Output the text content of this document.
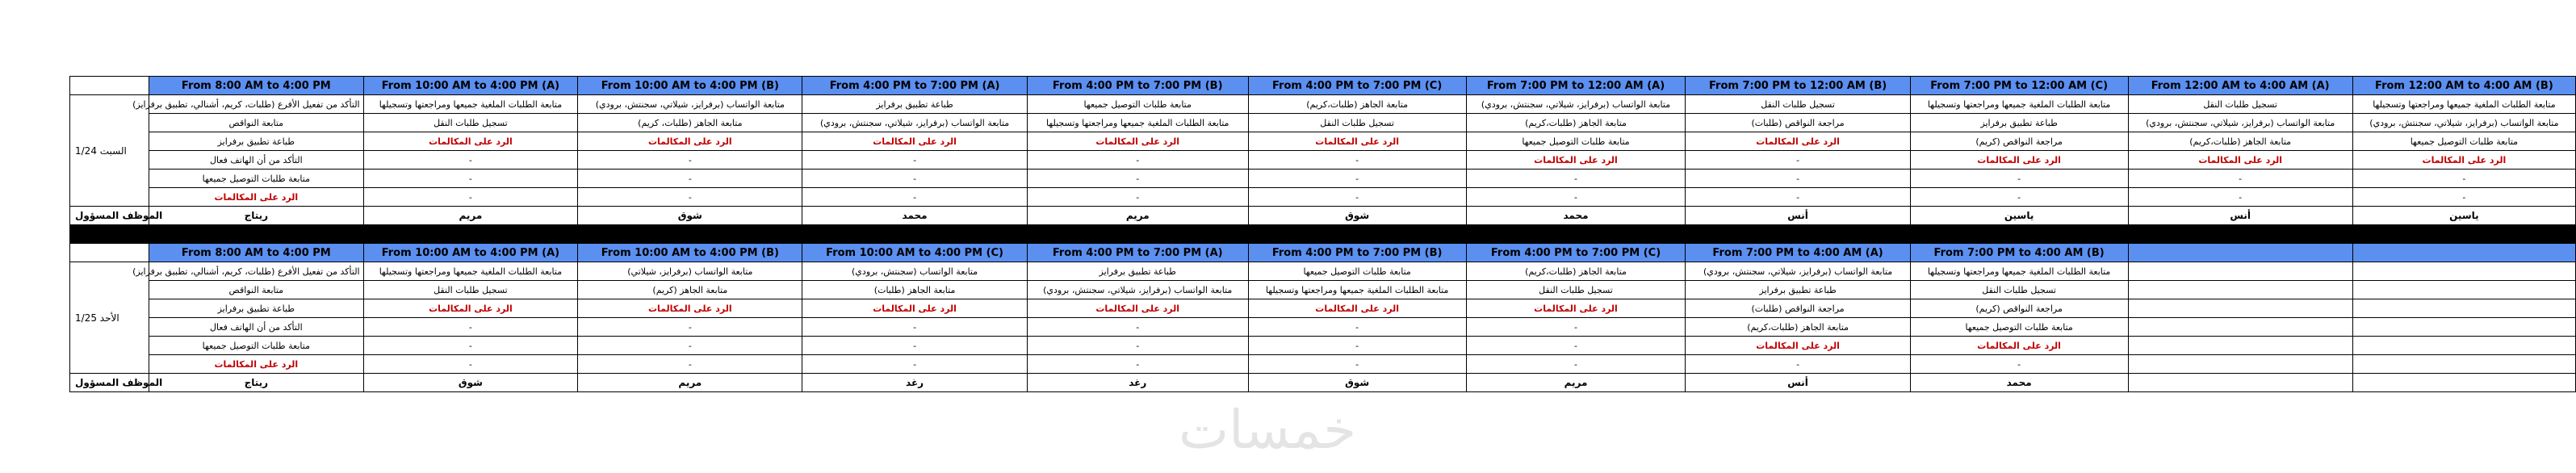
	From 8:00 AM to 4:00 PM	From 10:00 AM to 4:00 PM (A)	From 10:00 AM to 4:00 PM (B)	From 4:00 PM to 7:00 PM (A)	From 4:00 PM to 7:00 PM (B)	From 4:00 PM to 7:00 PM (C)	From 7:00 PM to 12:00 AM (A)	From 7:00 PM to 12:00 AM (B)	From 7:00 PM to 12:00 AM (C)	From 12:00 AM to 4:00 AM (A)	From 12:00 AM to 4:00 AM (B)
السبت 1/24	التأكد من تفعيل الأفرع (طلبات، كريم، أشنالي، تطبيق برفرايز)	متابعة الطلبات الملغية جميعها ومراجعتها وتسجيلها	متابعة الواتساب (برفرايز، شيلاتي، سجنتش، برودي)	طباعة تطبيق برفرايز	متابعة طلبات التوصيل جميعها	متابعة الجاهز (طلبات،كريم)	متابعة الواتساب (برفرايز، شيلاتي، سجنتش، برودي)	تسجيل طلبات النقل	متابعة الطلبات الملغية جميعها ومراجعتها وتسجيلها	تسجيل طلبات النقل	متابعة الطلبات الملغية جميعها ومراجعتها وتسجيلها
	متابعة النواقص	تسجيل طلبات النقل	متابعة الجاهز (طلبات، كريم)	متابعة الواتساب (برفرايز، شيلاتي، سجنتش، برودي)	متابعة الطلبات الملغية جميعها ومراجعتها وتسجيلها	تسجيل طلبات النقل	متابعة الجاهز (طلبات،كريم)	مراجعة النواقص (طلبات)	طباعة تطبيق برفرايز	متابعة الواتساب (برفرايز، شيلاتي، سجنتش، برودي)	متابعة الواتساب (برفرايز، شيلاتي، سجنتش، برودي)
	طباعة تطبيق برفرايز	الرد على المكالمات	الرد على المكالمات	الرد على المكالمات	الرد على المكالمات	الرد على المكالمات	متابعة طلبات التوصيل جميعها	الرد على المكالمات	مراجعة النواقص (كريم)	متابعة الجاهز (طلبات،كريم)	متابعة طلبات التوصيل جميعها
	التأكد من أن الهاتف فعال	-	-	-	-	-	الرد على المكالمات	-	الرد على المكالمات	الرد على المكالمات	الرد على المكالمات
	متابعة طلبات التوصيل جميعها	-	-	-	-	-	-	-	-	-	-
	الرد على المكالمات	-	-	-	-	-	-	-	-	-	-
الموظف المسؤول	ريتاج	مريم	شوق	محمد	مريم	شوق	محمد	أنس	ياسين	أنس	ياسين

	From 8:00 AM to 4:00 PM	From 10:00 AM to 4:00 PM (A)	From 10:00 AM to 4:00 PM (B)	From 10:00 AM to 4:00 PM (C)	From 4:00 PM to 7:00 PM (A)	From 4:00 PM to 7:00 PM (B)	From 4:00 PM to 7:00 PM (C)	From 7:00 PM to 4:00 AM (A)	From 7:00 PM to 4:00 AM (B)		
الأحد 1/25	التأكد من تفعيل الأفرع (طلبات، كريم، أشنالي، تطبيق برفرايز)	متابعة الطلبات الملغية جميعها ومراجعتها وتسجيلها	متابعة الواتساب (برفرايز، شيلاتي)	متابعة الواتساب (سجنتش، برودي)	طباعة تطبيق برفرايز	متابعة طلبات التوصيل جميعها	متابعة الجاهز (طلبات،كريم)	متابعة الواتساب (برفرايز، شيلاتي، سجنتش، برودي)	متابعة الطلبات الملغية جميعها ومراجعتها وتسجيلها		
	متابعة النواقص	تسجيل طلبات النقل	متابعة الجاهز (كريم)	متابعة الجاهز (طلبات)	متابعة الواتساب (برفرايز، شيلاتي، سجنتش، برودي)	متابعة الطلبات الملغية جميعها ومراجعتها وتسجيلها	تسجيل طلبات النقل	طباعة تطبيق برفرايز	تسجيل طلبات النقل		
	طباعة تطبيق برفرايز	الرد على المكالمات	الرد على المكالمات	الرد على المكالمات	الرد على المكالمات	الرد على المكالمات	الرد على المكالمات	مراجعة النواقص (طلبات)	مراجعة النواقص (كريم)		
	التأكد من أن الهاتف فعال	-	-	-	-	-	-	متابعة الجاهز (طلبات،كريم)	متابعة طلبات التوصيل جميعها		
	متابعة طلبات التوصيل جميعها	-	-	-	-	-	-	الرد على المكالمات	الرد على المكالمات		
	الرد على المكالمات	-	-	-	-	-	-	-	-		
الموظف المسؤول	ريتاج	شوق	مريم	رغد	رغد	شوق	مريم	أنس	محمد		
خمسات
